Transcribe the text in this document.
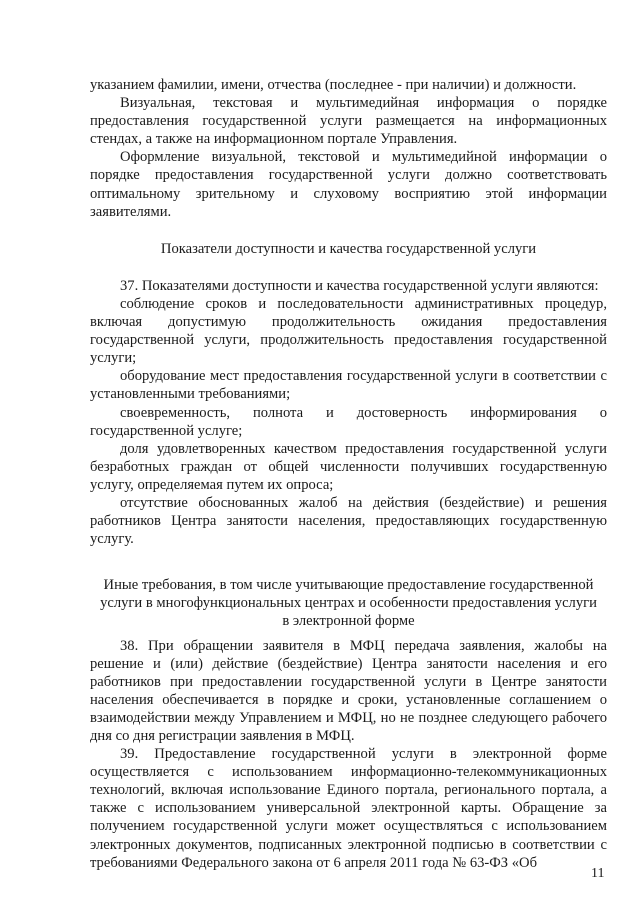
указанием фамилии, имени, отчества (последнее - при наличии) и должности.

Визуальная, текстовая и мультимедийная информация о порядке предоставления государственной услуги размещается на информационных стендах, а также на информационном портале Управления.

Оформление визуальной, текстовой и мультимедийной информации о порядке предоставления государственной услуги должно соответствовать оптимальному зрительному и слуховому восприятию этой информации заявителями.

Показатели доступности и качества государственной услуги

37. Показателями доступности и качества государственной услуги являются:

соблюдение сроков и последовательности административных процедур, включая допустимую продолжительность ожидания предоставления государственной услуги, продолжительность предоставления государственной услуги;

оборудование мест предоставления государственной услуги в соответствии с установленными требованиями;

своевременность, полнота и достоверность информирования о государственной услуге;

доля удовлетворенных качеством предоставления государственной услуги безработных граждан от общей численности получивших государственную услугу, определяемая путем их опроса;

отсутствие обоснованных жалоб на действия (бездействие) и решения работников Центра занятости населения, предоставляющих государственную услугу.

Иные требования, в том числе учитывающие предоставление государственной
услуги в многофункциональных центрах и особенности предоставления услуги
в электронной форме

38. При обращении заявителя в МФЦ передача заявления, жалобы на решение и (или) действие (бездействие) Центра занятости населения и его работников при предоставлении государственной услуги в Центре занятости населения обеспечивается в порядке и сроки, установленные соглашением о взаимодействии между Управлением и МФЦ, но не позднее следующего рабочего дня со дня регистрации заявления в МФЦ.

39. Предоставление государственной услуги в электронной форме осуществляется с использованием информационно-телекоммуникационных технологий, включая использование Единого портала, регионального портала, а также с использованием универсальной электронной карты. Обращение за получением государственной услуги может осуществляться с использованием электронных документов, подписанных электронной подписью в соответствии с требованиями Федерального закона от 6 апреля 2011 года № 63-ФЗ «Об

11
